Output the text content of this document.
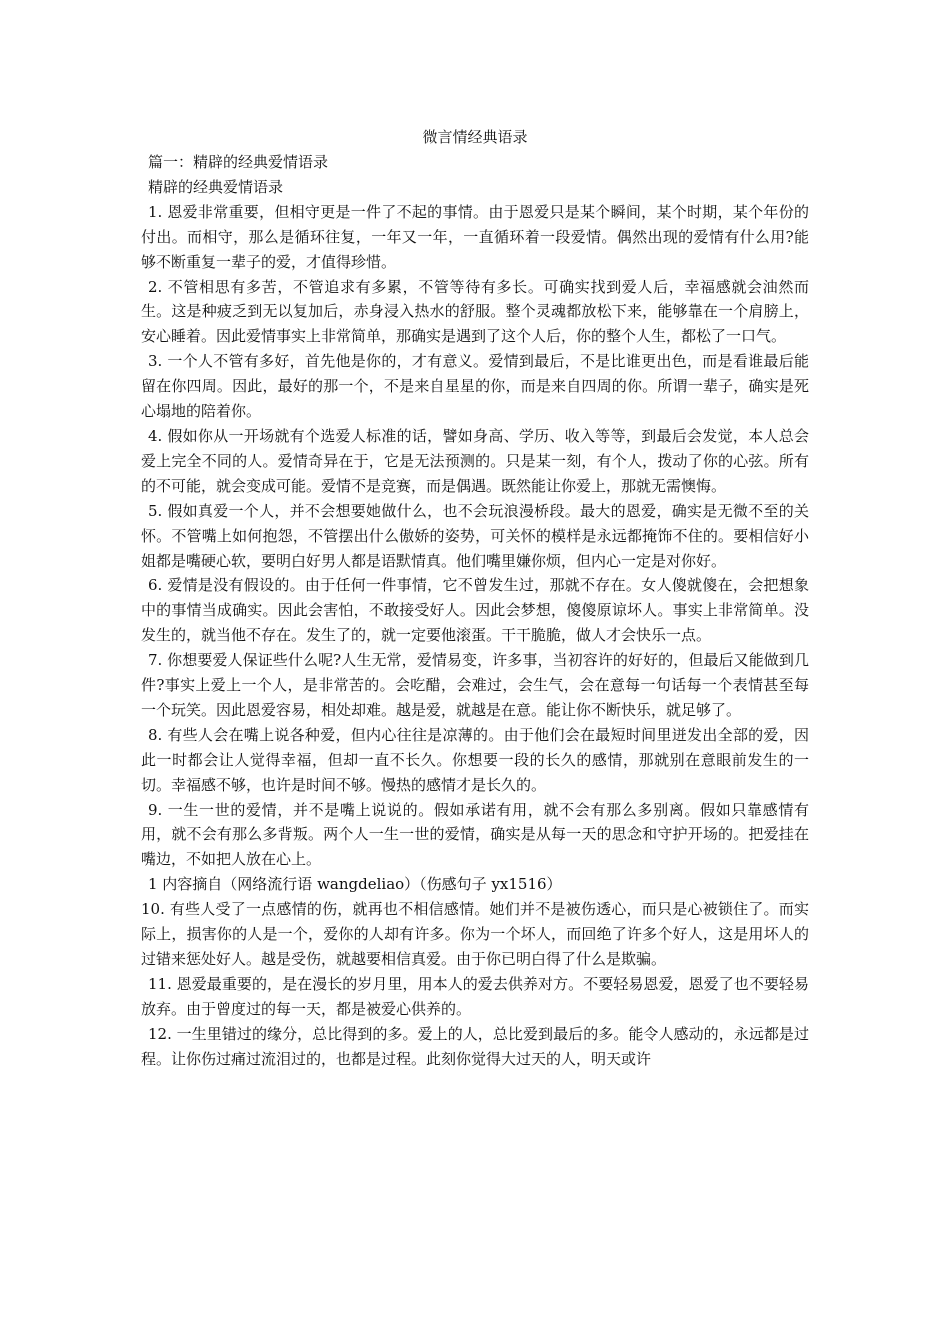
微言情经典语录

篇一：精辟的经典爱情语录

精辟的经典爱情语录

1. 恩爱非常重要，但相守更是一件了不起的事情。由于恩爱只是某个瞬间，某个时期，某个年份的付出。而相守，那么是循环往复，一年又一年，一直循环着一段爱情。偶然出现的爱情有什么用?能够不断重复一辈子的爱，才值得珍惜。

2. 不管相思有多苦，不管追求有多累，不管等待有多长。可确实找到爱人后，幸福感就会油然而生。这是种疲乏到无以复加后，赤身浸入热水的舒服。整个灵魂都放松下来，能够靠在一个肩膀上，安心睡着。因此爱情事实上非常简单，那确实是遇到了这个人后，你的整个人生，都松了一口气。

3. 一个人不管有多好，首先他是你的，才有意义。爱情到最后，不是比谁更出色，而是看谁最后能留在你四周。因此，最好的那一个，不是来自星星的你，而是来自四周的你。所谓一辈子，确实是死心塌地的陪着你。

4. 假如你从一开场就有个选爱人标准的话，譬如身高、学历、收入等等，到最后会发觉，本人总会爱上完全不同的人。爱情奇异在于，它是无法预测的。只是某一刻，有个人，拨动了你的心弦。所有的不可能，就会变成可能。爱情不是竞赛，而是偶遇。既然能让你爱上，那就无需懊悔。

5. 假如真爱一个人，并不会想要她做什么，也不会玩浪漫桥段。最大的恩爱，确实是无微不至的关怀。不管嘴上如何抱怨，不管摆出什么傲娇的姿势，可关怀的模样是永远都掩饰不住的。要相信好小姐都是嘴硬心软，要明白好男人都是语默情真。他们嘴里嫌你烦，但内心一定是对你好。

6. 爱情是没有假设的。由于任何一件事情，它不曾发生过，那就不存在。女人傻就傻在，会把想象中的事情当成确实。因此会害怕，不敢接受好人。因此会梦想，傻傻原谅坏人。事实上非常简单。没发生的，就当他不存在。发生了的，就一定要他滚蛋。干干脆脆，做人才会快乐一点。

7. 你想要爱人保证些什么呢?人生无常，爱情易变，许多事，当初容许的好好的，但最后又能做到几件?事实上爱上一个人，是非常苦的。会吃醋，会难过，会生气，会在意每一句话每一个表情甚至每一个玩笑。因此恩爱容易，相处却难。越是爱，就越是在意。能让你不断快乐，就足够了。

8. 有些人会在嘴上说各种爱，但内心往往是凉薄的。由于他们会在最短时间里迸发出全部的爱，因此一时都会让人觉得幸福，但却一直不长久。你想要一段的长久的感情，那就别在意眼前发生的一切。幸福感不够，也许是时间不够。慢热的感情才是长久的。

9. 一生一世的爱情，并不是嘴上说说的。假如承诺有用，就不会有那么多别离。假如只靠感情有用，就不会有那么多背叛。两个人一生一世的爱情，确实是从每一天的思念和守护开场的。把爱挂在嘴边，不如把人放在心上。

1 内容摘自（网络流行语 wangdeliao）（伤感句子 yx1516）

10. 有些人受了一点感情的伤，就再也不相信感情。她们并不是被伤透心，而只是心被锁住了。而实际上，损害你的人是一个，爱你的人却有许多。你为一个坏人，而回绝了许多个好人，这是用坏人的过错来惩处好人。越是受伤，就越要相信真爱。由于你已明白得了什么是欺骗。

11. 恩爱最重要的，是在漫长的岁月里，用本人的爱去供养对方。不要轻易恩爱，恩爱了也不要轻易放弃。由于曾度过的每一天，都是被爱心供养的。

12. 一生里错过的缘分，总比得到的多。爱上的人，总比爱到最后的多。能令人感动的，永远都是过程。让你伤过痛过流泪过的，也都是过程。此刻你觉得大过天的人，明天或许
